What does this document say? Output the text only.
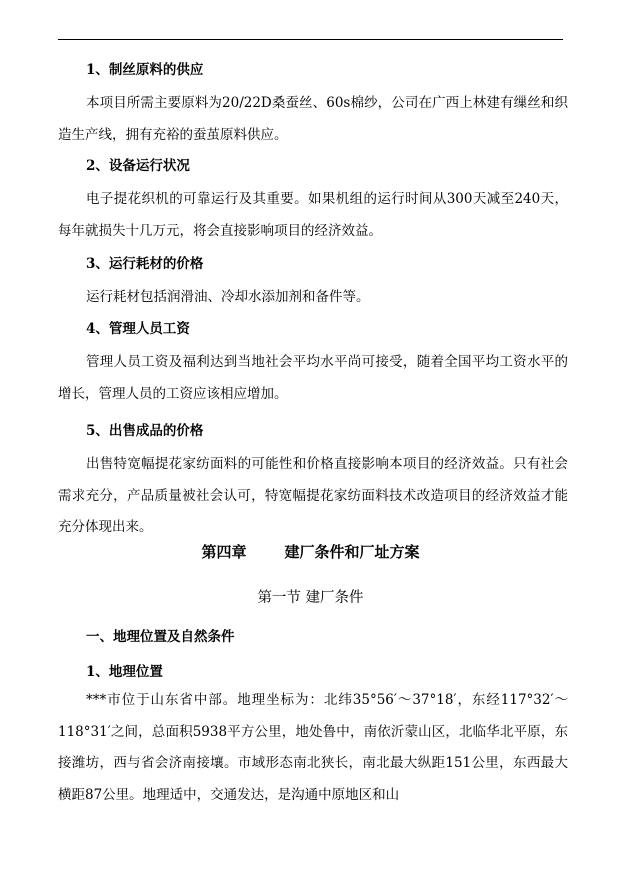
1、制丝原料的供应
本项目所需主要原料为20/22D桑蚕丝、60s棉纱，公司在广西上林建有缫丝和织造生产线，拥有充裕的蚕茧原料供应。
2、设备运行状况
电子提花织机的可靠运行及其重要。如果机组的运行时间从300天减至240天，每年就损失十几万元，将会直接影响项目的经济效益。
3、运行耗材的价格
运行耗材包括润滑油、冷却水添加剂和备件等。
4、管理人员工资
管理人员工资及福利达到当地社会平均水平尚可接受，随着全国平均工资水平的增长，管理人员的工资应该相应增加。
5、出售成品的价格
出售特宽幅提花家纺面料的可能性和价格直接影响本项目的经济效益。只有社会需求充分，产品质量被社会认可，特宽幅提花家纺面料技术改造项目的经济效益才能充分体现出来。
第四章	建厂条件和厂址方案
第一节 建厂条件
一、地理位置及自然条件
1、地理位置
***市位于山东省中部。地理坐标为：北纬35°56′～37°18′，东经117°32′～118°31′之间，总面积5938平方公里，地处鲁中，南依沂蒙山区，北临华北平原，东接潍坊，西与省会济南接壤。市域形态南北狭长，南北最大纵距151公里，东西最大横距87公里。地理适中，交通发达，是沟通中原地区和山
